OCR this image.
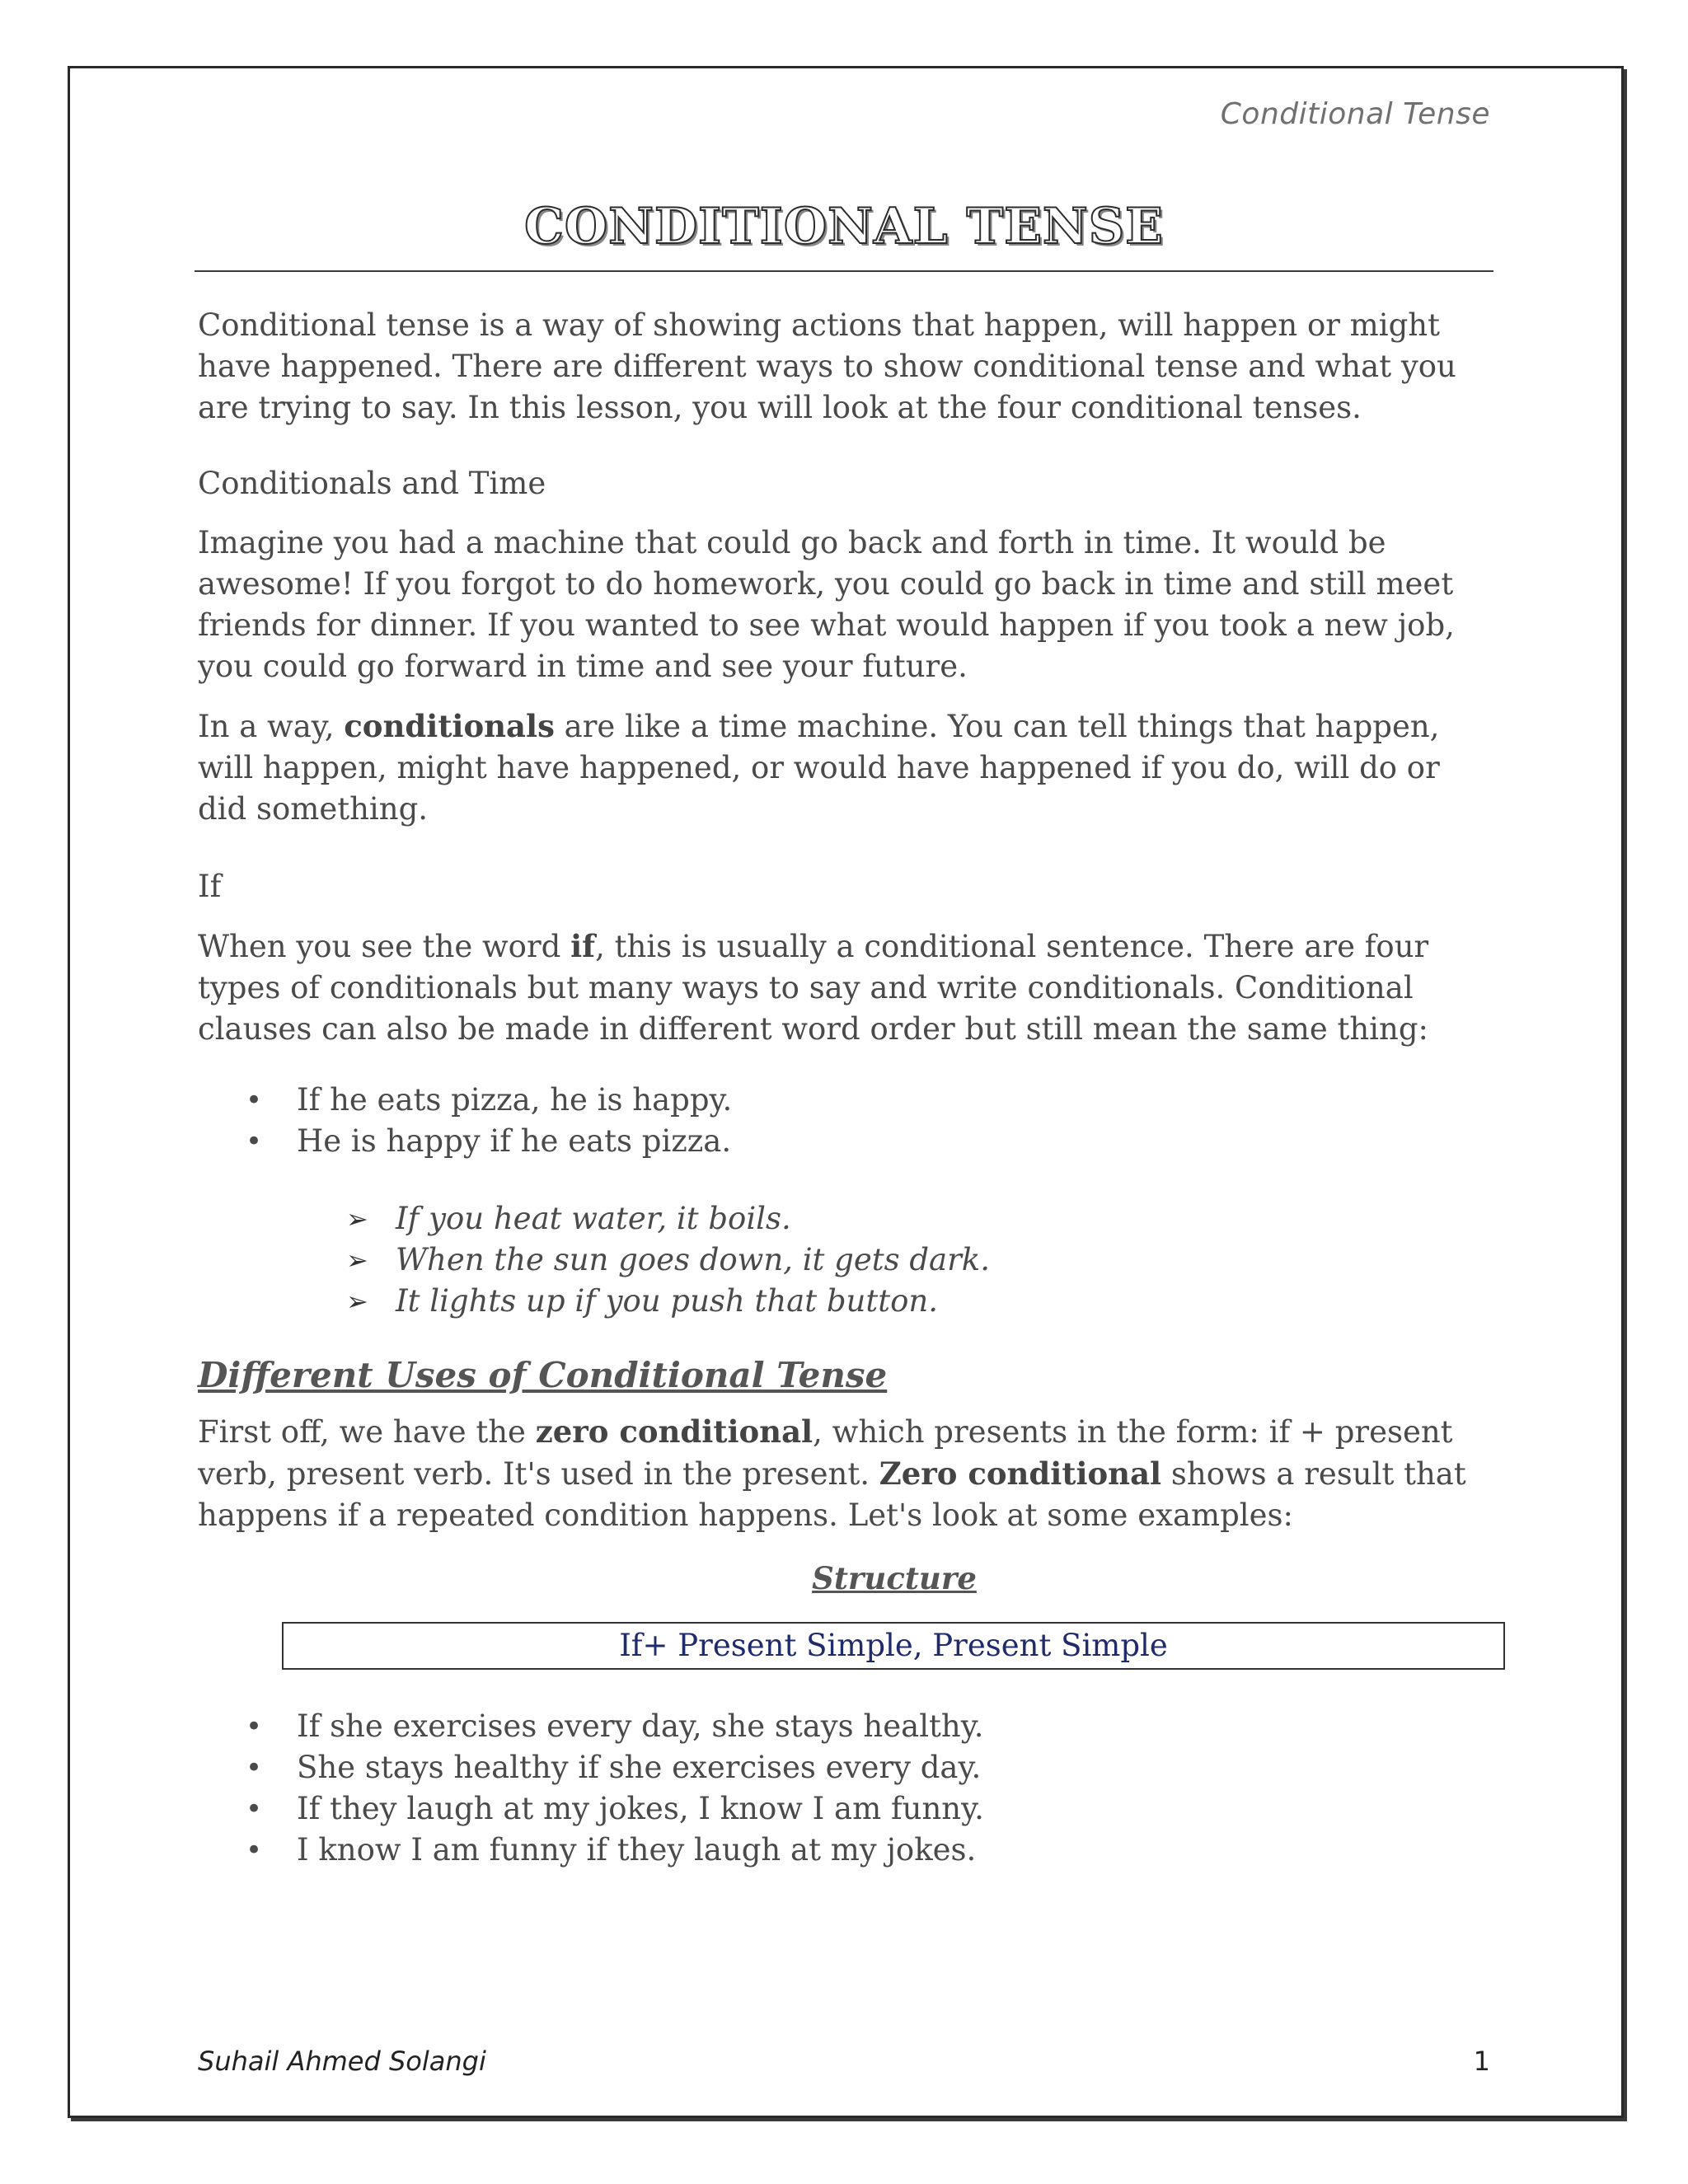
Conditional Tense
CONDITIONAL TENSE

Conditional tense is a way of showing actions that happen, will happen or might have happened. There are different ways to show conditional tense and what you are trying to say. In this lesson, you will look at the four conditional tenses.

Conditionals and Time

Imagine you had a machine that could go back and forth in time. It would be awesome! If you forgot to do homework, you could go back in time and still meet friends for dinner. If you wanted to see what would happen if you took a new job, you could go forward in time and see your future.

In a way, conditionals are like a time machine. You can tell things that happen, will happen, might have happened, or would have happened if you do, will do or did something.

If

When you see the word if, this is usually a conditional sentence. There are four types of conditionals but many ways to say and write conditionals. Conditional clauses can also be made in different word order but still mean the same thing:

• If he eats pizza, he is happy.
• He is happy if he eats pizza.
➢ If you heat water, it boils.
➢ When the sun goes down, it gets dark.
➢ It lights up if you push that button.

Different Uses of Conditional Tense

First off, we have the zero conditional, which presents in the form: if + present verb, present verb. It's used in the present. Zero conditional shows a result that happens if a repeated condition happens. Let's look at some examples:

Structure

If+ Present Simple, Present Simple
• If she exercises every day, she stays healthy.
• She stays healthy if she exercises every day.
• If they laugh at my jokes, I know I am funny.
• I know I am funny if they laugh at my jokes.
Suhail Ahmed Solangi	1
